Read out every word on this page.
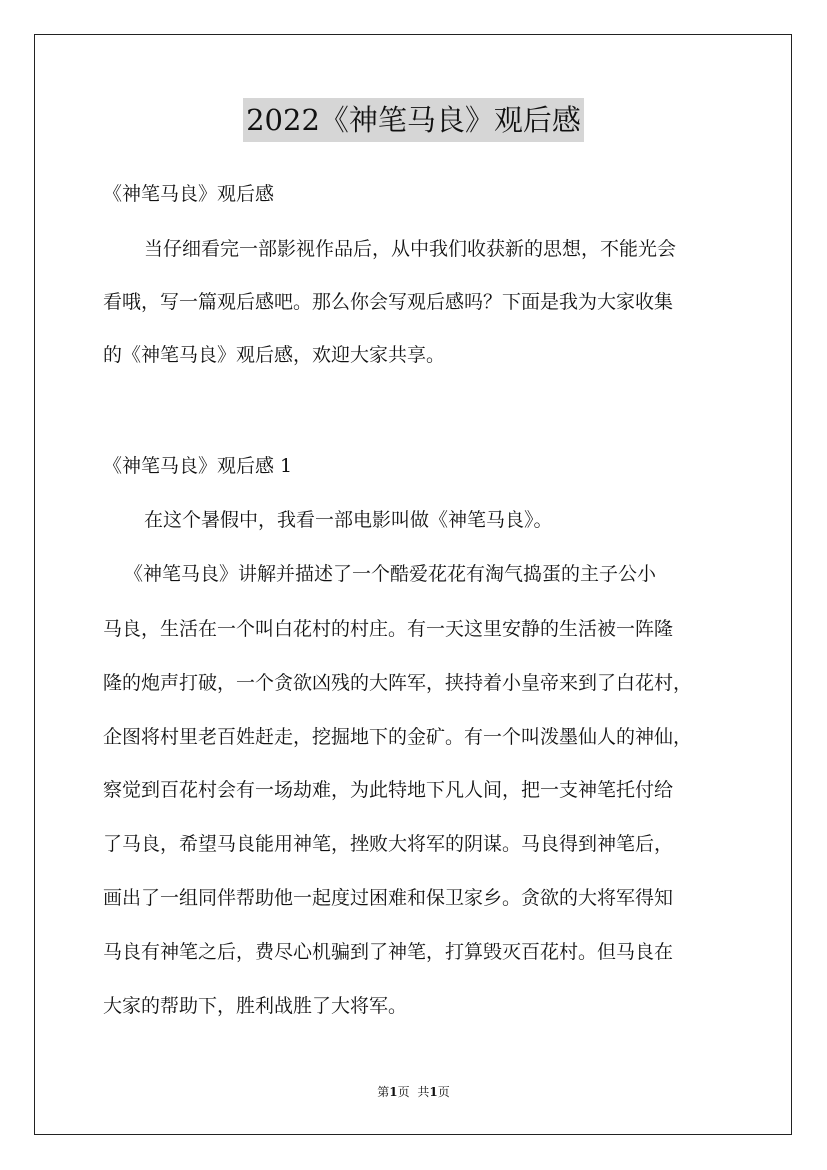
2022《神笔马良》观后感
《神笔马良》观后感
当仔细看完一部影视作品后，从中我们收获新的思想，不能光会
看哦，写一篇观后感吧。那么你会写观后感吗？下面是我为大家收集
的《神笔马良》观后感，欢迎大家共享。
《神笔马良》观后感 1
在这个暑假中，我看一部电影叫做《神笔马良》。
《神笔马良》讲解并描述了一个酷爱花花有淘气捣蛋的主子公小
马良，生活在一个叫白花村的村庄。有一天这里安静的生活被一阵隆
隆的炮声打破，一个贪欲凶残的大阵军，挟持着小皇帝来到了白花村，
企图将村里老百姓赶走，挖掘地下的金矿。有一个叫泼墨仙人的神仙，
察觉到百花村会有一场劫难，为此特地下凡人间，把一支神笔托付给
了马良，希望马良能用神笔，挫败大将军的阴谋。马良得到神笔后，
画出了一组同伴帮助他一起度过困难和保卫家乡。贪欲的大将军得知
马良有神笔之后，费尽心机骗到了神笔，打算毁灭百花村。但马良在
大家的帮助下，胜利战胜了大将军。
第1页 共1页
